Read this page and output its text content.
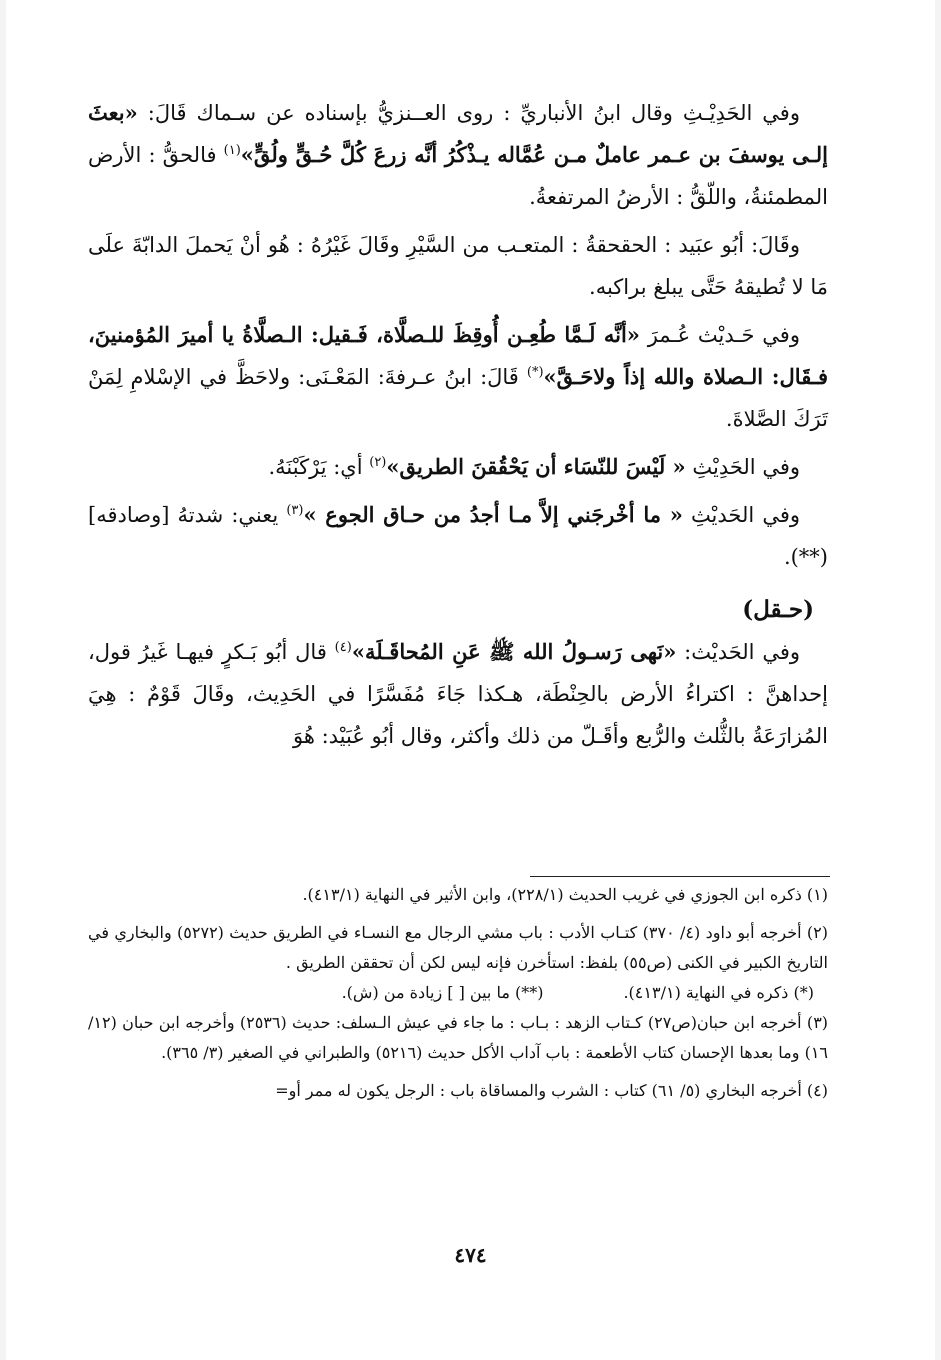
وفي الحَدِيْـثِ وقال ابنُ الأنباريِّ : روى العــنزيُّ بإسناده عن سـماك قَالَ: «بعثَ إلـى يوسفَ بن عـمر عاملٌ مـن عُمَّاله يـذْكُرُ أنَّه زرعَ كُلَّ حُـقٍّ ولُقٍّ»$^{(١)}$ فالحقُّ : الأرض المطمئنةُ، واللّقُّ : الأرضُ المرتفعةُ.

وقَالَ: أبُو عبَيد : الحقحقةُ : المتعـب من السَّيْرِ وقَالَ غَيْرُهُ : هُو أنْ يَحملَ الدابّةَ علَى مَا لا تُطيقهُ حَتَّى يبلغ براكبه.

وفي حَـديْث عُـمرَ «أنَّه لَـمَّا طُعِـن أُوقِظَ للـصلَّاة، فَـقيل: الـصلَّاةُ يا أميرَ المُؤمنينَ، فـقَال: الـصلاة والله إذاً ولاحَـقَّ»(*) قَالَ: ابنُ عـرفةَ: المَعْـنَى: ولاحَظَّ في الإسْلامِ لِمَنْ تَرَكَ الصَّلاةَ.

وفي الحَدِيْثِ « لَيْسَ للنّسَاء أن يَحْقُقنَ الطريق»$^{(٢)}$ أي: يَرْكَبْنَهُ.

وفي الحَديْثِ « ما أخْرجَني إلاَّ مـا أجدُ من حـاق الجوع »$^{(٣)}$ يعني: شدتهُ [وصادقه](**).

(حـقل)

وفي الحَديْث: «نَهى رَسـولُ الله ﷺ عَنِ المُحاقَـلَة»$^{(٤)}$ قال أبُو بَـكرٍ فيهـا غَيرُ قول، إحداهنَّ : اكتراءُ الأرض بالحِنْطَة، هـكذا جَاءَ مُفَسَّرًا في الحَدِيث، وقَالَ قَوْمٌ : هِيَ المُزارَعَةُ بالثُّلث والرُّبع وأقَـلّ من ذلك وأكثر، وقال أبُو عُبَيْد: هُوَ

(١) ذكره ابن الجوزي في غريب الحديث (٢٢٨/١)، وابن الأثير في النهاية (٤١٣/١).

(٢) أخرجه أبو داود (٤/ ٣٧٠) كتـاب الأدب : باب مشي الرجال مع النسـاء في الطريق حديث (٥٢٧٢) والبخاري في التاريخ الكبير في الكنى (ص٥٥) بلفظ: استأخرن فإنه ليس لكن أن تحققن الطريق .

(*) ذكره في النهاية (٤١٣/١).
(**) ما بين [ ] زيادة من (ش).

(٣) أخرجه ابن حبان(ص٢٧) كـتاب الزهد : بـاب : ما جاء في عيش الـسلف: حديث (٢٥٣٦) وأخرجه ابن حبان (١٢/ ١٦) وما بعدها الإحسان كتاب الأطعمة : باب آداب الأكل حديث (٥٢١٦) والطبراني في الصغير (٣/ ٣٦٥).

(٤) أخرجه البخاري (٥/ ٦١) كتاب : الشرب والمساقاة باب : الرجل يكون له ممر أو=

٤٧٤
